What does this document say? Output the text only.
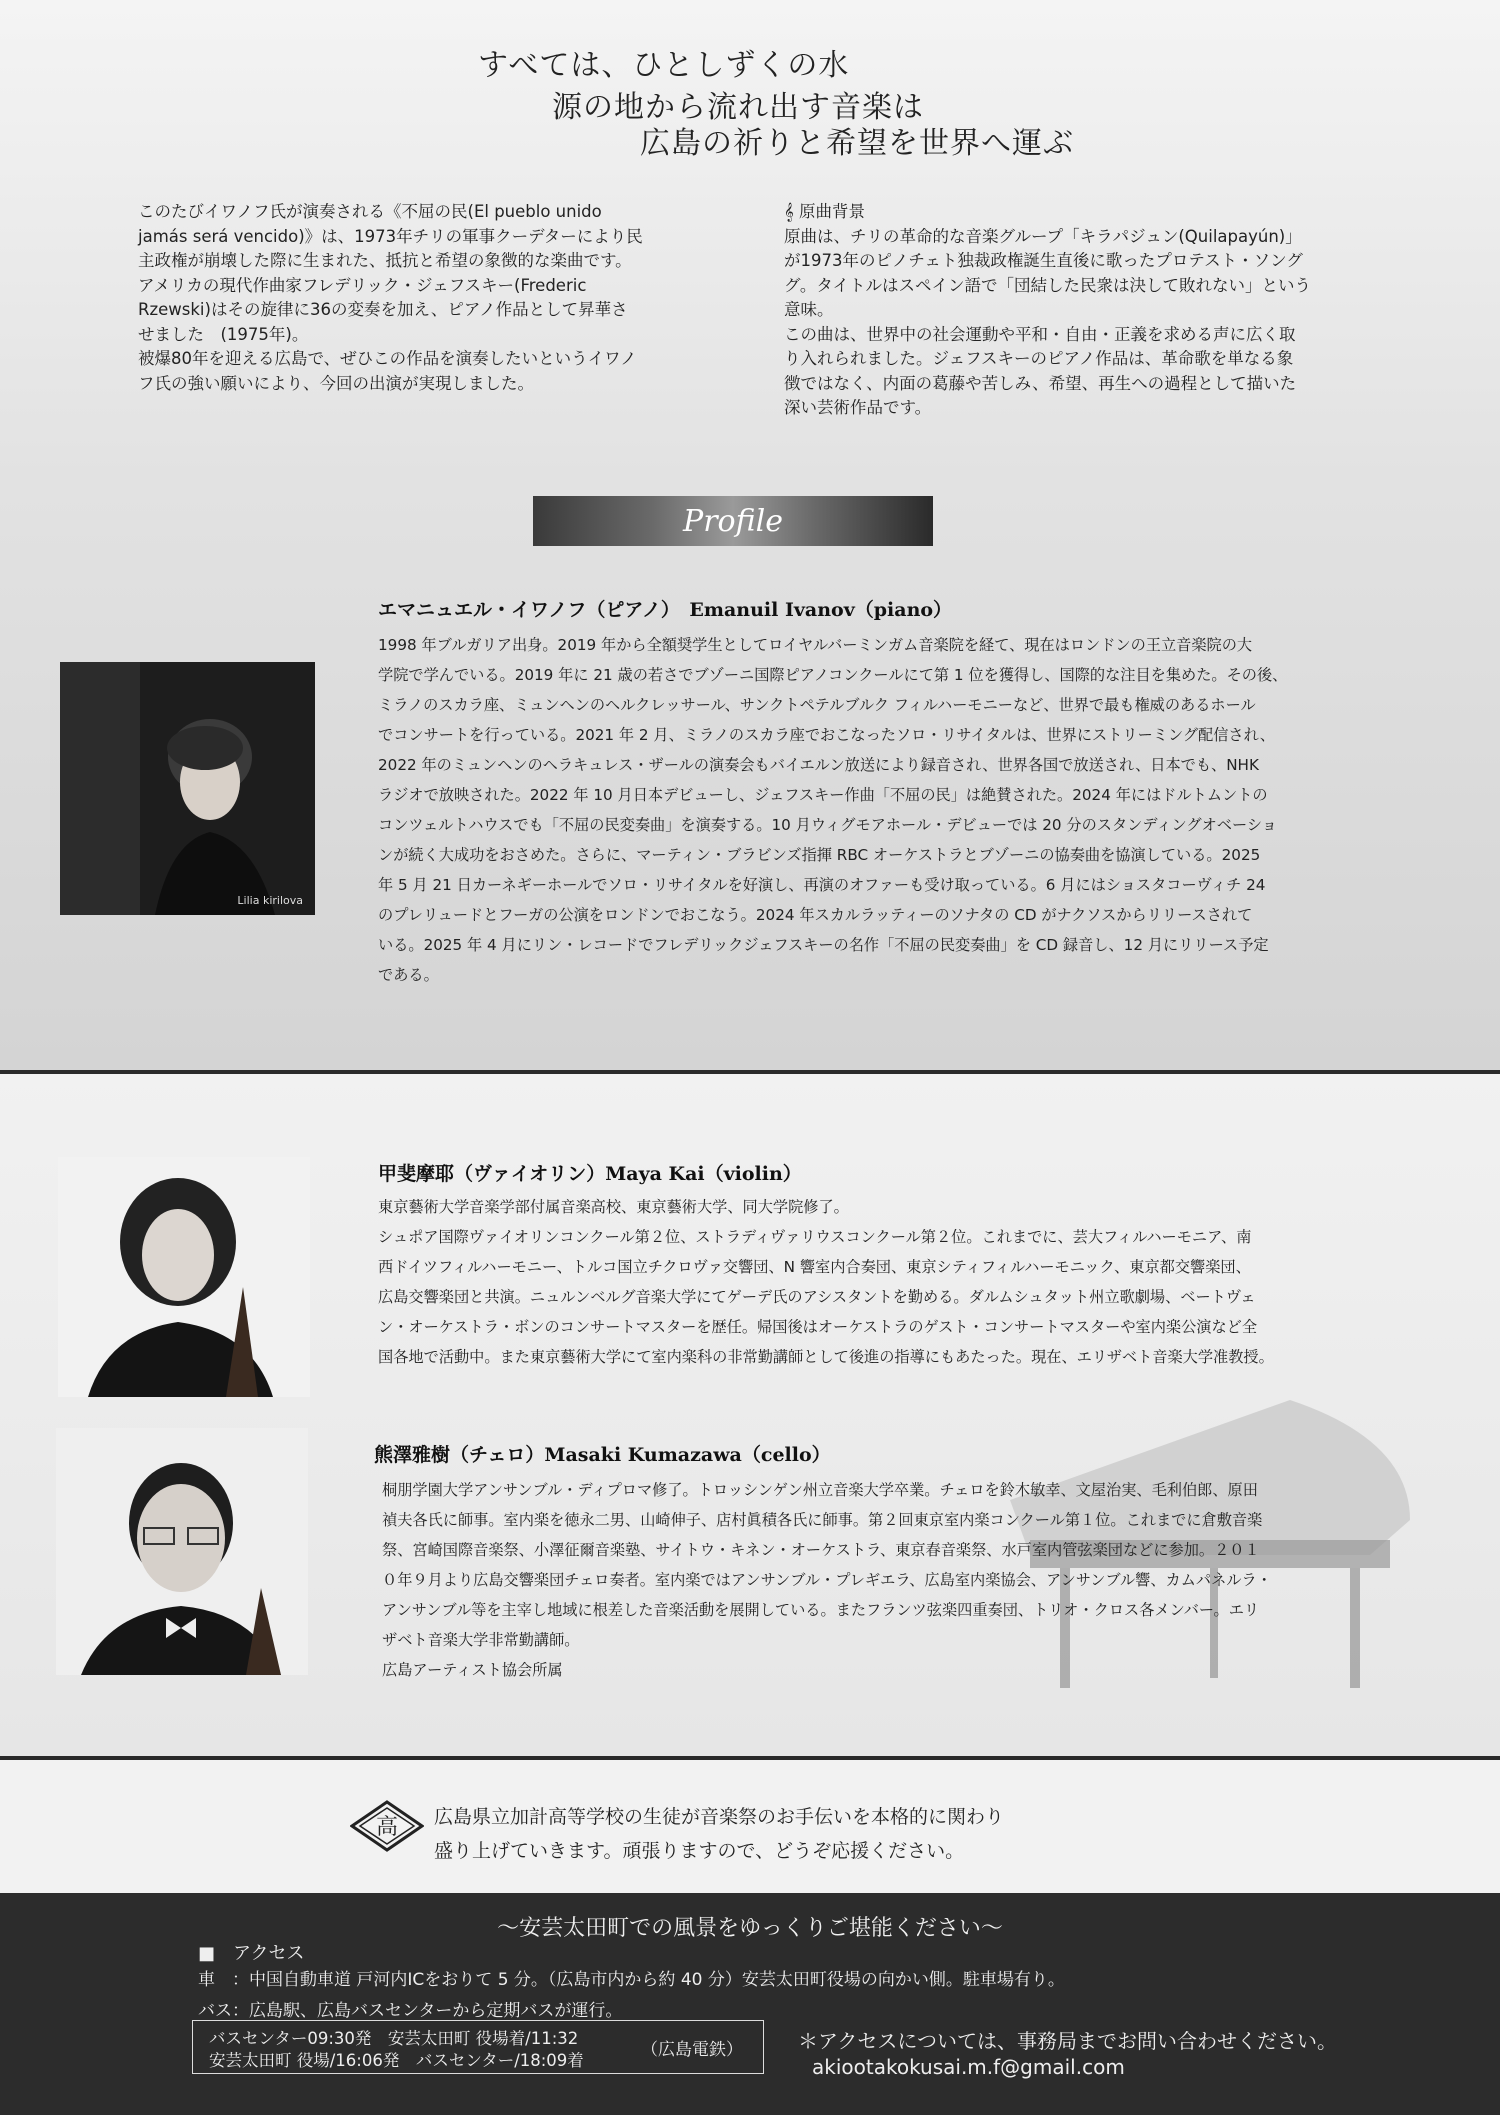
すべては、ひとしずくの水
源の地から流れ出す音楽は
広島の祈りと希望を世界へ運ぶ

このたびイワノフ氏が演奏される《不屈の民(El pueblo unido

jamás será vencido)》は、1973年チリの軍事クーデターにより民

主政権が崩壊した際に生まれた、抵抗と希望の象徴的な楽曲です。

アメリカの現代作曲家フレデリック・ジェフスキー(Frederic

Rzewski)はその旋律に36の変奏を加え、ピアノ作品として昇華さ

せました　(1975年)。

被爆80年を迎える広島で、ぜひこの作品を演奏したいというイワノ

フ氏の強い願いにより、今回の出演が実現しました。

𝄞 原曲背景

原曲は、チリの革命的な音楽グループ「キラパジュン(Quilapayún)」

が1973年のピノチェト独裁政権誕生直後に歌ったプロテスト・ソング

グ。タイトルはスペイン語で「団結した民衆は決して敗れない」という

意味。

この曲は、世界中の社会運動や平和・自由・正義を求める声に広く取

り入れられました。ジェフスキーのピアノ作品は、革命歌を単なる象

徴ではなく、内面の葛藤や苦しみ、希望、再生への過程として描いた

深い芸術作品です。

Profile
エマニュエル・イワノフ（ピアノ）　Emanuil Ivanov（piano）
Lilia kirilova

1998 年ブルガリア出身。2019 年から全額奨学生としてロイヤルバーミンガム音楽院を経て、現在はロンドンの王立音楽院の大

学院で学んでいる。2019 年に 21 歳の若さでブゾーニ国際ピアノコンクールにて第 1 位を獲得し、国際的な注目を集めた。その後、

ミラノのスカラ座、ミュンヘンのヘルクレッサール、サンクトペテルブルク フィルハーモニーなど、世界で最も権威のあるホール

でコンサートを行っている。2021 年 2 月、ミラノのスカラ座でおこなったソロ・リサイタルは、世界にストリーミング配信され、

2022 年のミュンヘンのヘラキュレス・ザールの演奏会もバイエルン放送により録音され、世界各国で放送され、日本でも、NHK

ラジオで放映された。2022 年 10 月日本デビューし、ジェフスキー作曲「不屈の民」は絶賛された。2024 年にはドルトムントの

コンツェルトハウスでも「不屈の民変奏曲」を演奏する。10 月ウィグモアホール・デビューでは 20 分のスタンディングオベーショ

ンが続く大成功をおさめた。さらに、マーティン・ブラビンズ指揮 RBC オーケストラとブゾーニの協奏曲を協演している。2025

年 5 月 21 日カーネギーホールでソロ・リサイタルを好演し、再演のオファーも受け取っている。6 月にはショスタコーヴィチ 24

のプレリュードとフーガの公演をロンドンでおこなう。2024 年スカルラッティーのソナタの CD がナクソスからリリースされて

いる。2025 年 4 月にリン・レコードでフレデリックジェフスキーの名作「不屈の民変奏曲」を CD 録音し、12 月にリリース予定

である。

甲斐摩耶（ヴァイオリン）Maya Kai（violin）

東京藝術大学音楽学部付属音楽高校、東京藝術大学、同大学院修了。

シュポア国際ヴァイオリンコンクール第２位、ストラディヴァリウスコンクール第２位。これまでに、芸大フィルハーモニア、南

西ドイツフィルハーモニー、トルコ国立チクロヴァ交響団、N 響室内合奏団、東京シティフィルハーモニック、東京都交響楽団、

広島交響楽団と共演。ニュルンベルグ音楽大学にてゲーデ氏のアシスタントを勤める。ダルムシュタット州立歌劇場、ベートヴェ

ン・オーケストラ・ボンのコンサートマスターを歴任。帰国後はオーケストラのゲスト・コンサートマスターや室内楽公演など全

国各地で活動中。また東京藝術大学にて室内楽科の非常勤講師として後進の指導にもあたった。現在、エリザベト音楽大学准教授。

熊澤雅樹（チェロ）Masaki Kumazawa（cello）

桐朋学園大学アンサンブル・ディプロマ修了。トロッシンゲン州立音楽大学卒業。チェロを鈴木敏幸、文屋治実、毛利伯郎、原田

禎夫各氏に師事。室内楽を徳永二男、山崎伸子、店村眞積各氏に師事。第２回東京室内楽コンクール第１位。これまでに倉敷音楽

祭、宮崎国際音楽祭、小澤征爾音楽塾、サイトウ・キネン・オーケストラ、東京春音楽祭、水戸室内管弦楽団などに参加。２０１

０年９月より広島交響楽団チェロ奏者。室内楽ではアンサンブル・プレギエラ、広島室内楽協会、アンサンブル響、カムパネルラ・

アンサンブル等を主宰し地域に根差した音楽活動を展開している。またフランツ弦楽四重奏団、トリオ・クロス各メンバー。エリ

ザベト音楽大学非常勤講師。

広島アーティスト協会所属

高 広島県立加計高等学校の生徒が音楽祭のお手伝いを本格的に関わり
盛り上げていきます。頑張りますので、どうぞ応援ください。
～安芸太田町での風景をゆっくりご堪能ください～
■　アクセス
車　：中国自動車道 戸河内ICをおりて 5 分。（広島市内から約 40 分）安芸太田町役場の向かい側。駐車場有り。
バス：広島駅、広島バスセンターから定期バスが運行。
バスセンター09:30発　安芸太田町 役場着/11:32
安芸太田町 役場/16:06発　バスセンター/18:09着
（広島電鉄）	＊アクセスについては、事務局までお問い合わせください。
akiootakokusai.m.f@gmail.com
